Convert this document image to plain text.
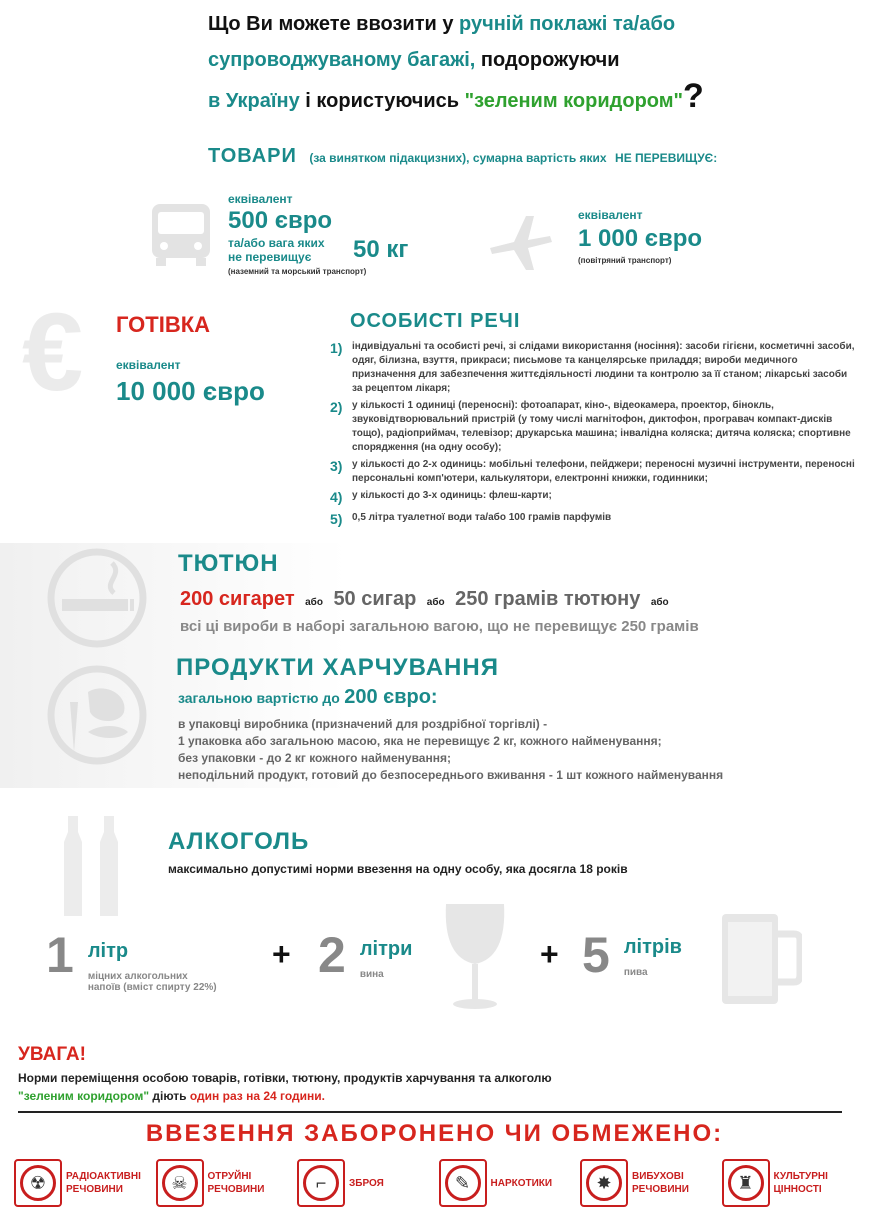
Що Ви можете ввозити у ручній поклажі та/або
супроводжуваному багажі, подорожуючи
в Україну і користуючись "зеленим коридором"?
ТОВАРИ (за винятком підакцизних), сумарна вартість яких НЕ ПЕРЕВИЩУЄ:
еквівалент
500 євро
та/або вага яких
не перевищує	50 кг
(наземний та морський транспорт)
еквівалент
1 000 євро
(повітряний транспорт)
€ ГОТІВКА
еквівалент
10 000 євро
ОСОБИСТІ РЕЧІ
1) індивідуальні та особисті речі, зі слідами використання (носіння): засоби гігієни, косметичні засоби, одяг, білизна, взуття, прикраси; письмове та канцелярське приладдя; вироби медичного призначення для забезпечення життєдіяльності людини та контролю за її станом; лікарські засоби за рецептом лікаря;
2) у кількості 1 одиниці (переносні): фотоапарат, кіно-, відеокамера, проектор, бінокль, звуковідтворювальний пристрій (у тому числі магнітофон, диктофон, програвач компакт-дисків тощо), радіоприймач, телевізор; друкарська машина; інвалідна коляска; дитяча коляска; спортивне спорядження (на одну особу);
3) у кількості до 2-х одиниць: мобільні телефони, пейджери; переносні музичні інструменти, переносні персональні комп'ютери, калькулятори, електронні книжки, годинники;
4) у кількості до 3-х одиниць: флеш-карти;
5) 0,5 літра туалетної води та/або 100 грамів парфумів
ТЮТЮН
200 сигарет або 50 сигар або 250 грамів тютюну або
всі ці вироби в наборі загальною вагою, що не перевищує 250 грамів
ПРОДУКТИ ХАРЧУВАННЯ
загальною вартістю до 200 євро:
в упаковці виробника (призначений для роздрібної торгівлі) -
1 упаковка або загальною масою, яка не перевищує 2 кг, кожного найменування;
без упаковки - до 2 кг кожного найменування;
неподільний продукт, готовий до безпосереднього вживання - 1 шт кожного найменування
АЛКОГОЛЬ
максимально допустимі норми ввезення на одну особу, яка досягла 18 років
1 літр
міцних алкогольних
напоїв (вміст спирту 22%)
+ 2 літри
вина
+ 5 літрів
пива
УВАГА!
Норми переміщення особою товарів, готівки, тютюну, продуктів харчування та алкоголю
"зеленим коридором" діють один раз на 24 години.
ВВЕЗЕННЯ ЗАБОРОНЕНО ЧИ ОБМЕЖЕНО:
☢	РАДІОАКТИВНІ
РЕЧОВИНИ	☠	ОТРУЙНІ
РЕЧОВИНИ	⌐	ЗБРОЯ	✎	НАРКОТИКИ	✸	ВИБУХОВІ
РЕЧОВИНИ	♜	КУЛЬТУРНІ
ЦІННОСТІ
